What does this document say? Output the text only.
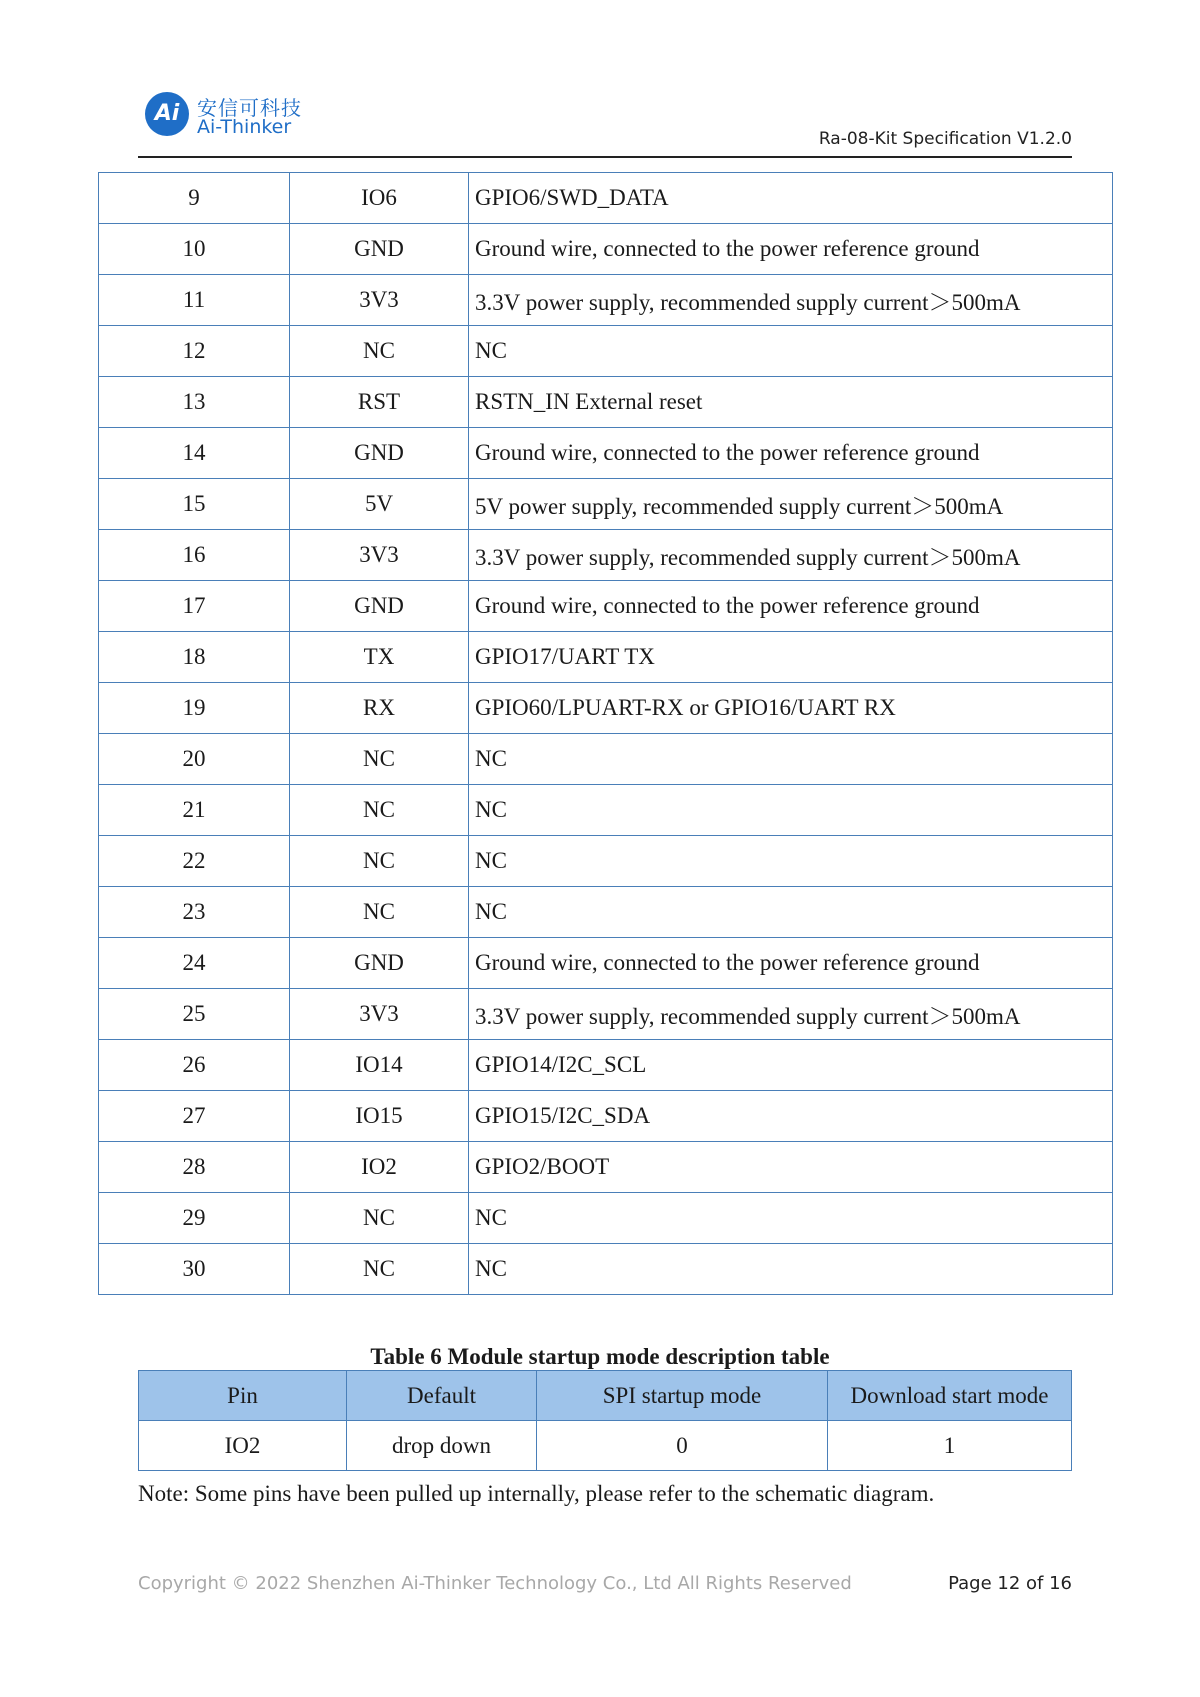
Ai 安信可科技
Ai-Thinker
Ra-08-Kit Specification V1.2.0
9	IO6	GPIO6/SWD_DATA
10	GND	Ground wire, connected to the power reference ground
11	3V3	3.3V power supply, recommended supply current＞500mA
12	NC	NC
13	RST	RSTN_IN External reset
14	GND	Ground wire, connected to the power reference ground
15	5V	5V power supply, recommended supply current＞500mA
16	3V3	3.3V power supply, recommended supply current＞500mA
17	GND	Ground wire, connected to the power reference ground
18	TX	GPIO17/UART TX
19	RX	GPIO60/LPUART-RX or GPIO16/UART RX
20	NC	NC
21	NC	NC
22	NC	NC
23	NC	NC
24	GND	Ground wire, connected to the power reference ground
25	3V3	3.3V power supply, recommended supply current＞500mA
26	IO14	GPIO14/I2C_SCL
27	IO15	GPIO15/I2C_SDA
28	IO2	GPIO2/BOOT
29	NC	NC
30	NC	NC
Table 6 Module startup mode description table
Pin	Default	SPI startup mode	Download start mode
IO2	drop down	0	1
Note: Some pins have been pulled up internally, please refer to the schematic diagram.
Copyright © 2022 Shenzhen Ai-Thinker Technology Co., Ltd All Rights Reserved	Page 12 of 16
